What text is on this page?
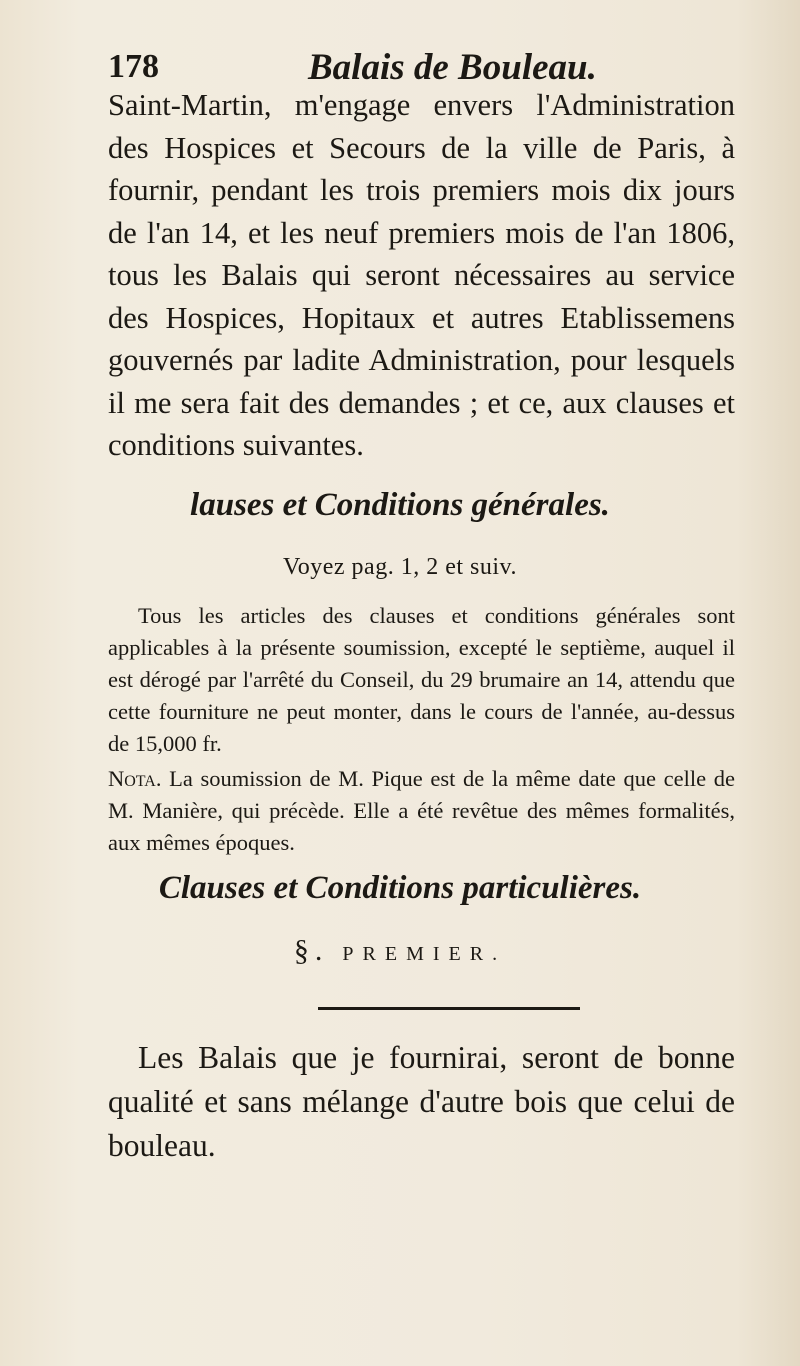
178	Balais de Bouleau.

Saint-Martin, m'engage envers l'Administration des Hospices et Secours de la ville de Paris, à fournir, pendant les trois premiers mois dix jours de l'an 14, et les neuf premiers mois de l'an 1806, tous les Balais qui seront nécessaires au service des Hospices, Hopitaux et autres Etablissemens gouvernés par ladite Administration, pour lesquels il me sera fait des demandes ; et ce, aux clauses et conditions suivantes.

lauses et Conditions générales.
Voyez pag. 1, 2 et suiv.

Tous les articles des clauses et conditions générales sont applicables à la présente soumission, excepté le septième, auquel il est dérogé par l'arrêté du Conseil, du 29 brumaire an 14, attendu que cette fourniture ne peut monter, dans le cours de l'année, au-dessus de 15,000 fr.

Nota. La soumission de M. Pique est de la même date que celle de M. Manière, qui précède. Elle a été revêtue des mêmes formalités, aux mêmes époques.

Clauses et Conditions particulières.
§. PREMIER.

Les Balais que je fournirai, seront de bonne qualité et sans mélange d'autre bois que celui de bouleau.
